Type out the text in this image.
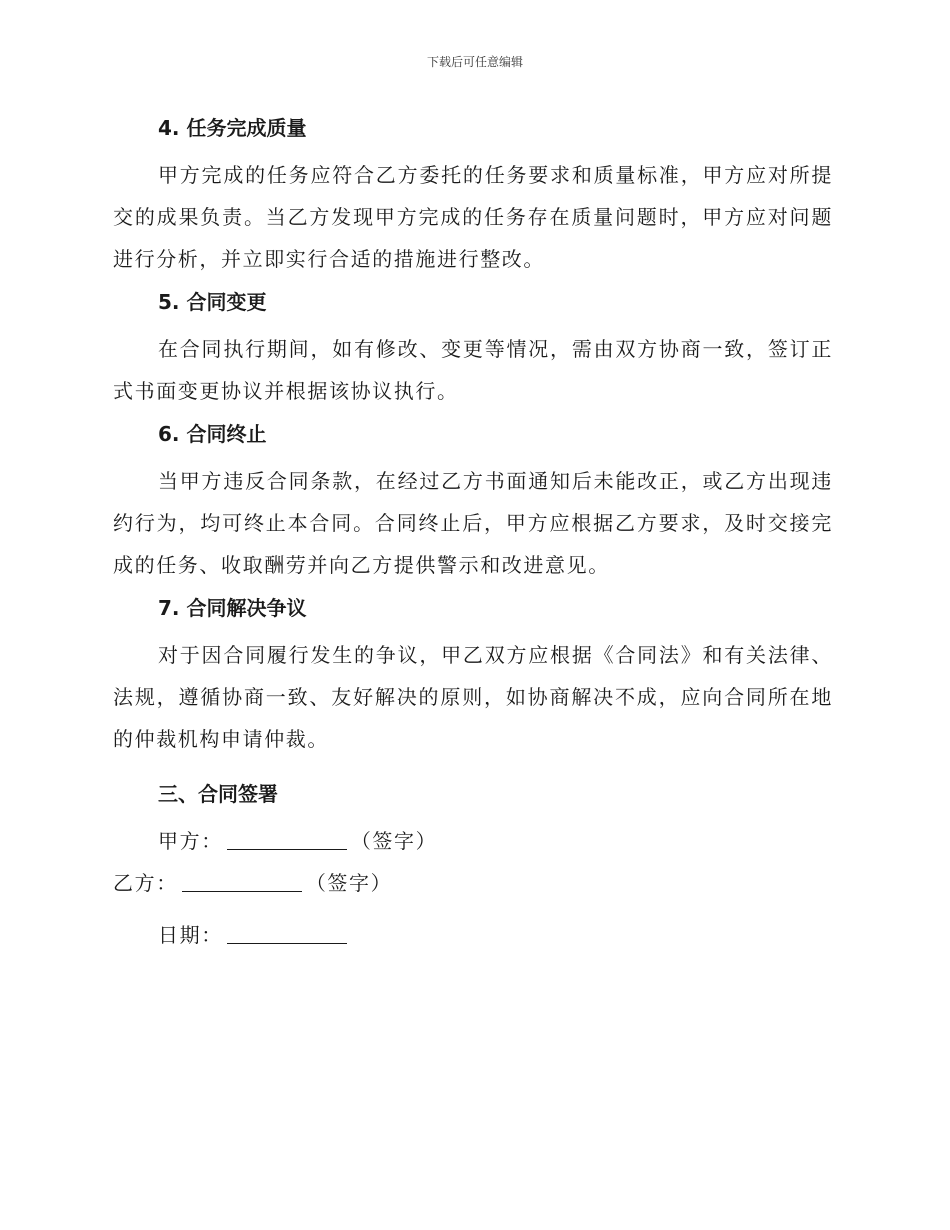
下载后可任意编辑
4. 任务完成质量

甲方完成的任务应符合乙方委托的任务要求和质量标准，甲方应对所提交的成果负责。当乙方发现甲方完成的任务存在质量问题时，甲方应对问题进行分析，并立即实行合适的措施进行整改。

5. 合同变更

在合同执行期间，如有修改、变更等情况，需由双方协商一致，签订正式书面变更协议并根据该协议执行。

6. 合同终止

当甲方违反合同条款，在经过乙方书面通知后未能改正，或乙方出现违约行为，均可终止本合同。合同终止后，甲方应根据乙方要求，及时交接完成的任务、收取酬劳并向乙方提供警示和改进意见。

7. 合同解决争议

对于因合同履行发生的争议，甲乙双方应根据《合同法》和有关法律、法规，遵循协商一致、友好解决的原则，如协商解决不成，应向合同所在地的仲裁机构申请仲裁。

三、合同签署
甲方：	（签字）
乙方：	（签字）
日期：
